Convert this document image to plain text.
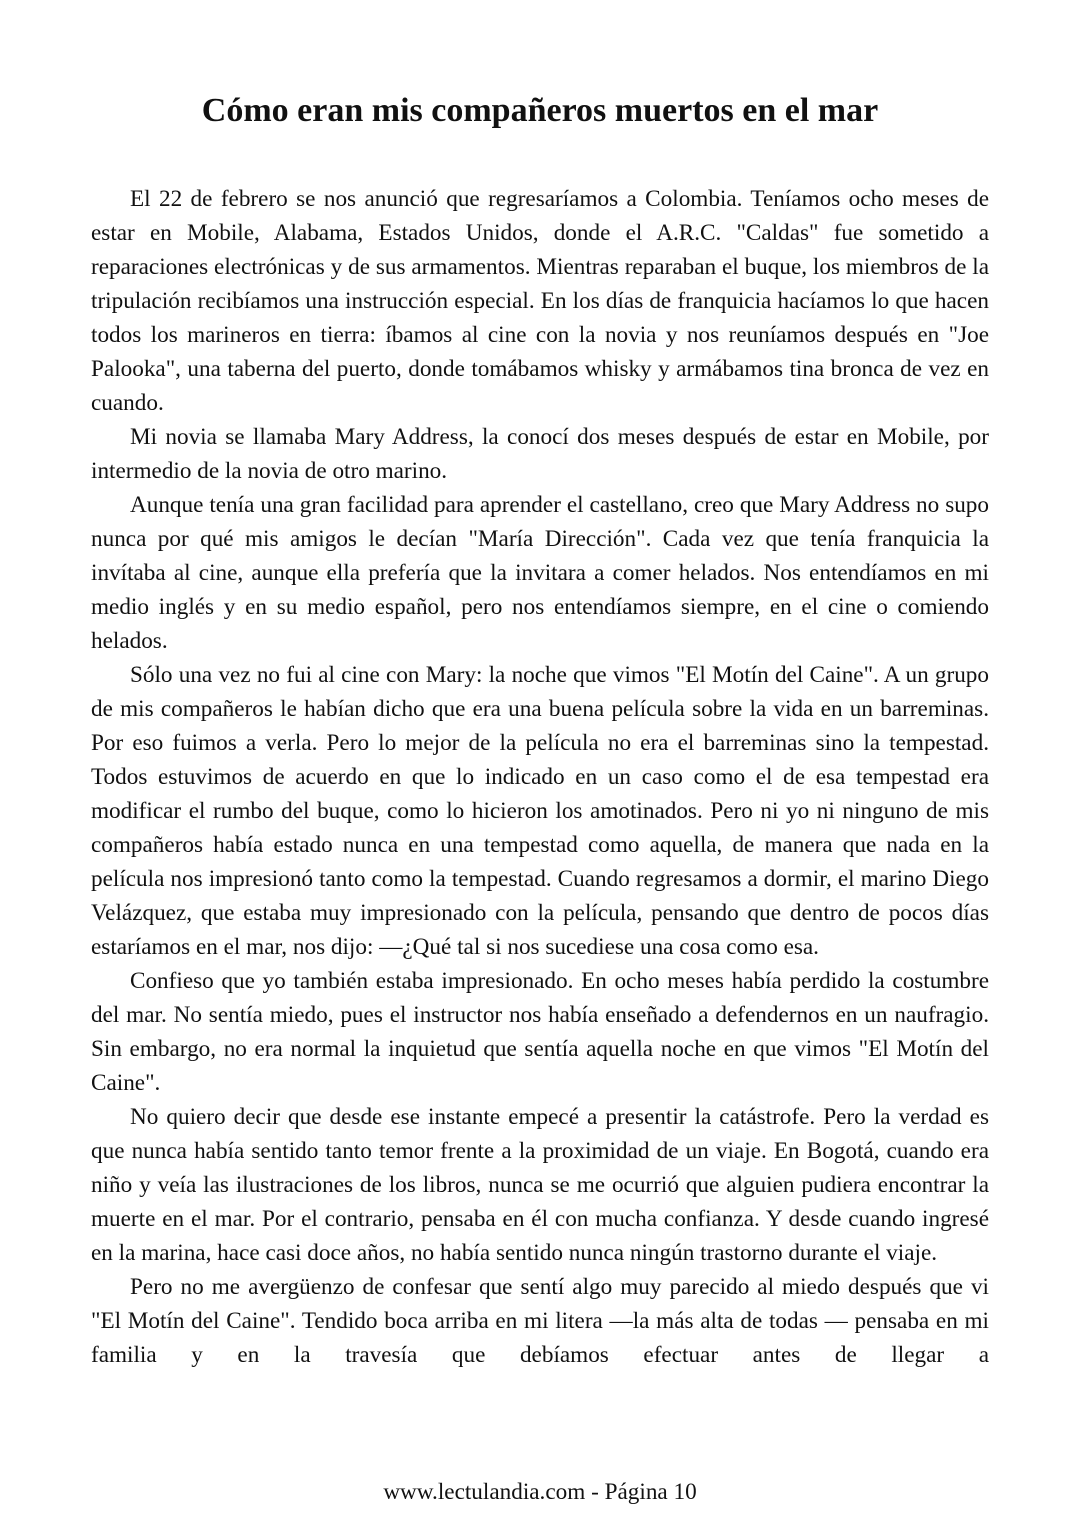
Cómo eran mis compañeros muertos en el mar

El 22 de febrero se nos anunció que regresaríamos a Colombia. Teníamos ocho meses de estar en Mobile, Alabama, Estados Unidos, donde el A.R.C. "Caldas" fue sometido a reparaciones electrónicas y de sus armamentos. Mientras reparaban el buque, los miembros de la tripulación recibíamos una instrucción especial. En los días de franquicia hacíamos lo que hacen todos los marineros en tierra: íbamos al cine con la novia y nos reuníamos después en "Joe Palooka", una taberna del puerto, donde tomábamos whisky y armábamos tina bronca de vez en cuando.

Mi novia se llamaba Mary Address, la conocí dos meses después de estar en Mobile, por intermedio de la novia de otro marino.

Aunque tenía una gran facilidad para aprender el castellano, creo que Mary Address no supo nunca por qué mis amigos le decían "María Dirección". Cada vez que tenía franquicia la invítaba al cine, aunque ella prefería que la invitara a comer helados. Nos entendíamos en mi medio inglés y en su medio español, pero nos entendíamos siempre, en el cine o comiendo helados.

Sólo una vez no fui al cine con Mary: la noche que vimos "El Motín del Caine". A un grupo de mis compañeros le habían dicho que era una buena película sobre la vida en un barreminas. Por eso fuimos a verla. Pero lo mejor de la película no era el barreminas sino la tempestad. Todos estuvimos de acuerdo en que lo indicado en un caso como el de esa tempestad era modificar el rumbo del buque, como lo hicieron los amotinados. Pero ni yo ni ninguno de mis compañeros había estado nunca en una tempestad como aquella, de manera que nada en la película nos impresionó tanto como la tempestad. Cuando regresamos a dormir, el marino Diego Velázquez, que estaba muy impresionado con la película, pensando que dentro de pocos días estaríamos en el mar, nos dijo: —¿Qué tal si nos sucediese una cosa como esa.

Confieso que yo también estaba impresionado. En ocho meses había perdido la costumbre del mar. No sentía miedo, pues el instructor nos había enseñado a defendernos en un naufragio. Sin embargo, no era normal la inquietud que sentía aquella noche en que vimos "El Motín del Caine".

No quiero decir que desde ese instante empecé a presentir la catástrofe. Pero la verdad es que nunca había sentido tanto temor frente a la proximidad de un viaje. En Bogotá, cuando era niño y veía las ilustraciones de los libros, nunca se me ocurrió que alguien pudiera encontrar la muerte en el mar. Por el contrario, pensaba en él con mucha confianza. Y desde cuando ingresé en la marina, hace casi doce años, no había sentido nunca ningún trastorno durante el viaje.

Pero no me avergüenzo de confesar que sentí algo muy parecido al miedo después que vi "El Motín del Caine". Tendido boca arriba en mi litera —la más alta de todas — pensaba en mi familia y en la travesía que debíamos efectuar antes de llegar a

www.lectulandia.com - Página 10
